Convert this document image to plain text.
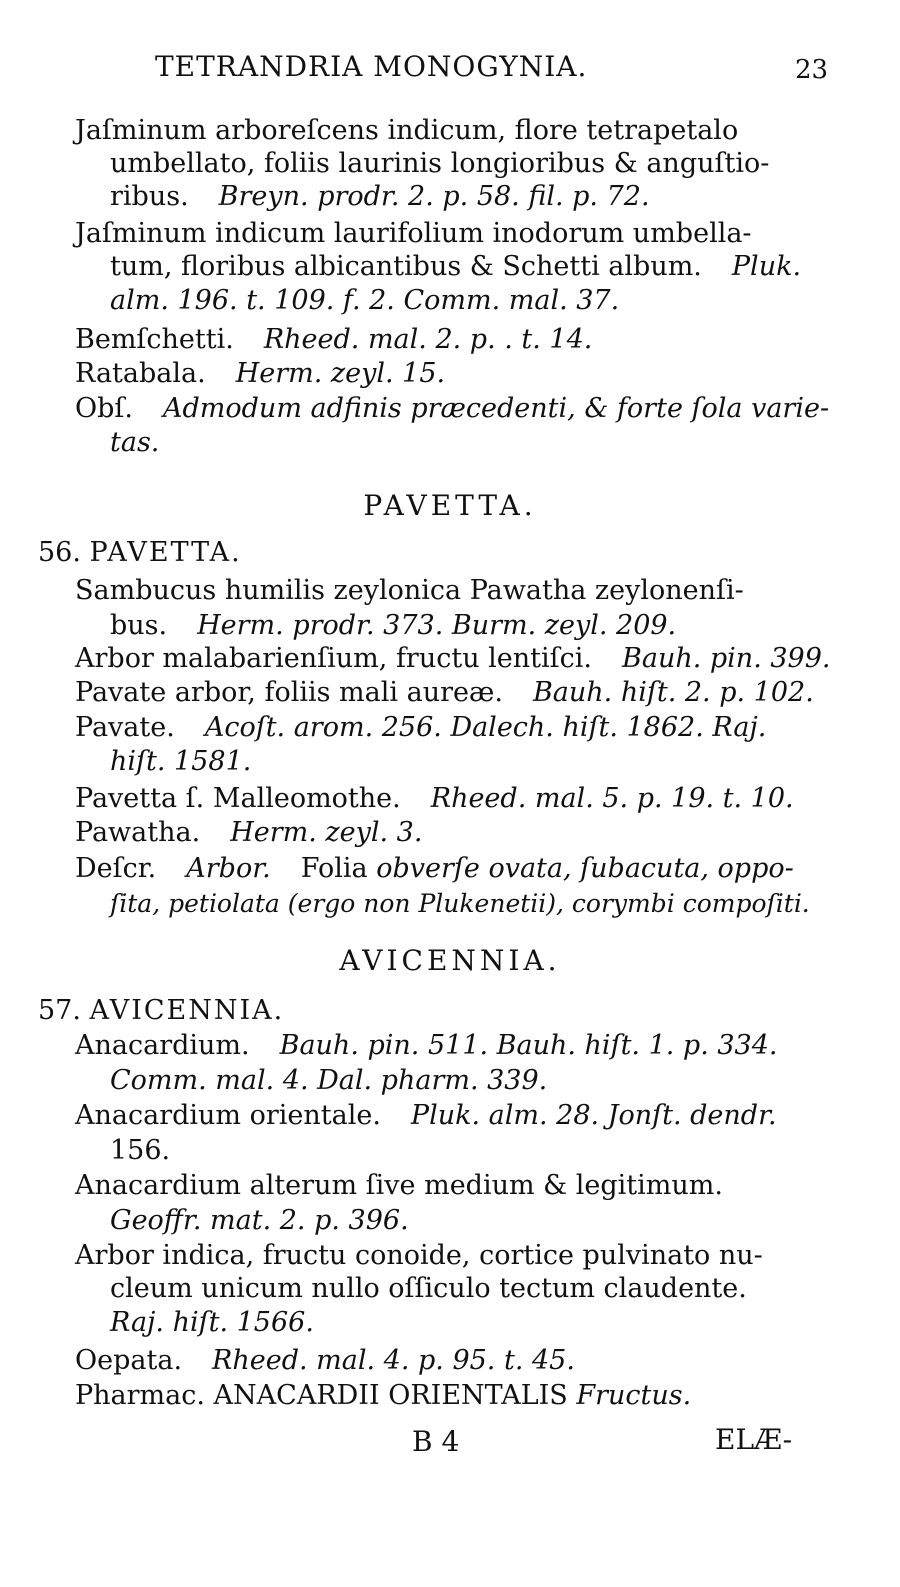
TETRANDRIA MONOGYNIA.	23
Jaſminum arboreſcens indicum, flore tetrapetalo
umbellato, foliis laurinis longioribus & anguſtio-
ribus. Breyn. prodr. 2. p. 58. fil. p. 72.
Jaſminum indicum laurifolium inodorum umbella-
tum, floribus albicantibus & Schetti album. Pluk.
alm. 196. t. 109. f. 2. Comm. mal. 37.
Bemſchetti. Rheed. mal. 2. p. . t. 14.
Ratabala. Herm. zeyl. 15.
Obſ. Admodum adfinis præcedenti, & forte ſola varie-
tas.
PAVETTA.
56. PAVETTA.
Sambucus humilis zeylonica Pawatha zeylonenſi-
bus. Herm. prodr. 373. Burm. zeyl. 209.
Arbor malabarienſium, fructu lentiſci. Bauh. pin. 399.
Pavate arbor, foliis mali aureæ. Bauh. hiſt. 2. p. 102.
Pavate. Acoſt. arom. 256. Dalech. hiſt. 1862. Raj.
hiſt. 1581.
Pavetta ſ. Malleomothe. Rheed. mal. 5. p. 19. t. 10.
Pawatha. Herm. zeyl. 3.
Deſcr. Arbor. Folia obverſe ovata, ſubacuta, oppo-
ſita, petiolata (ergo non Plukenetii), corymbi compoſiti.
AVICENNIA.
57. AVICENNIA.
Anacardium. Bauh. pin. 511. Bauh. hiſt. 1. p. 334.
Comm. mal. 4. Dal. pharm. 339.
Anacardium orientale. Pluk. alm. 28. Jonſt. dendr.
156.
Anacardium alterum ſive medium & legitimum.
Geoffr. mat. 2. p. 396.
Arbor indica, fructu conoide, cortice pulvinato nu-
cleum unicum nullo oſſiculo tectum claudente.
Raj. hiſt. 1566.
Oepata. Rheed. mal. 4. p. 95. t. 45.
Pharmac. ANACARDII ORIENTALIS Fructus.
B 4	ELÆ-
